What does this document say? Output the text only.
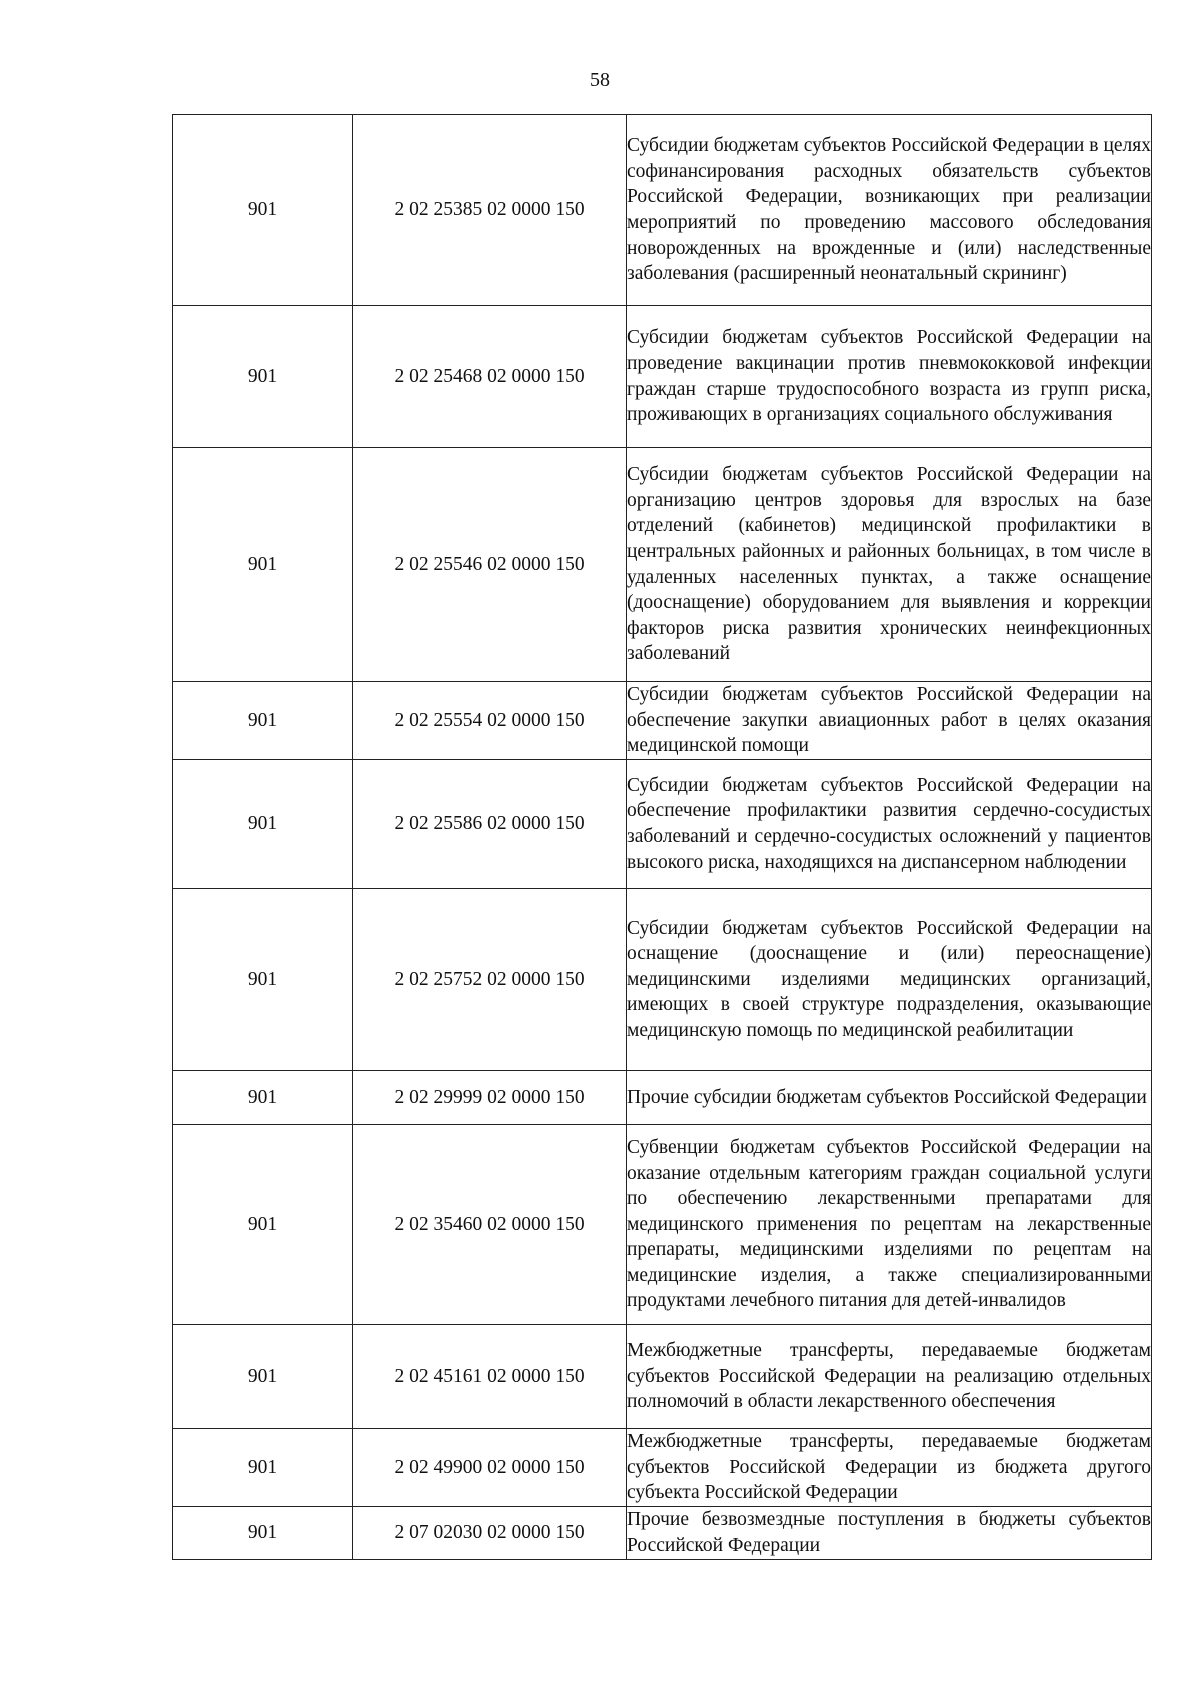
58
901	2 02 25385 02 0000 150	Субсидии бюджетам субъектов Российской Федерации в целях софинансирования расходных обязательств субъектов Российской Федерации, возникающих при реализации мероприятий по проведению массового обследования новорожденных на врожденные и (или) наследственные заболевания (расширенный неонатальный скрининг)
901	2 02 25468 02 0000 150	Субсидии бюджетам субъектов Российской Федерации на проведение вакцинации против пневмококковой инфекции граждан старше трудоспособного возраста из групп риска, проживающих в организациях социального обслуживания
901	2 02 25546 02 0000 150	Субсидии бюджетам субъектов Российской Федерации на организацию центров здоровья для взрослых на базе отделений (кабинетов) медицинской профилактики в центральных районных и районных больницах, в том числе в удаленных населенных пунктах, а также оснащение (дооснащение) оборудованием для выявления и коррекции факторов риска развития хронических неинфекционных заболеваний
901	2 02 25554 02 0000 150	Субсидии бюджетам субъектов Российской Федерации на обеспечение закупки авиационных работ в целях оказания медицинской помощи
901	2 02 25586 02 0000 150	Субсидии бюджетам субъектов Российской Федерации на обеспечение профилактики развития сердечно-сосудистых заболеваний и сердечно-сосудистых осложнений у пациентов высокого риска, находящихся на диспансерном наблюдении
901	2 02 25752 02 0000 150	Субсидии бюджетам субъектов Российской Федерации на оснащение (дооснащение и (или) переоснащение) медицинскими изделиями медицинских организаций, имеющих в своей структуре подразделения, оказывающие медицинскую помощь по медицинской реабилитации
901	2 02 29999 02 0000 150	Прочие субсидии бюджетам субъектов Российской Федерации
901	2 02 35460 02 0000 150	Субвенции бюджетам субъектов Российской Федерации на оказание отдельным категориям граждан социальной услуги по обеспечению лекарственными препаратами для медицинского применения по рецептам на лекарственные препараты, медицинскими изделиями по рецептам на медицинские изделия, а также специализированными продуктами лечебного питания для детей-инвалидов
901	2 02 45161 02 0000 150	Межбюджетные трансферты, передаваемые бюджетам субъектов Российской Федерации на реализацию отдельных полномочий в области лекарственного обеспечения
901	2 02 49900 02 0000 150	Межбюджетные трансферты, передаваемые бюджетам субъектов Российской Федерации из бюджета другого субъекта Российской Федерации
901	2 07 02030 02 0000 150	Прочие безвозмездные поступления в бюджеты субъектов Российской Федерации
